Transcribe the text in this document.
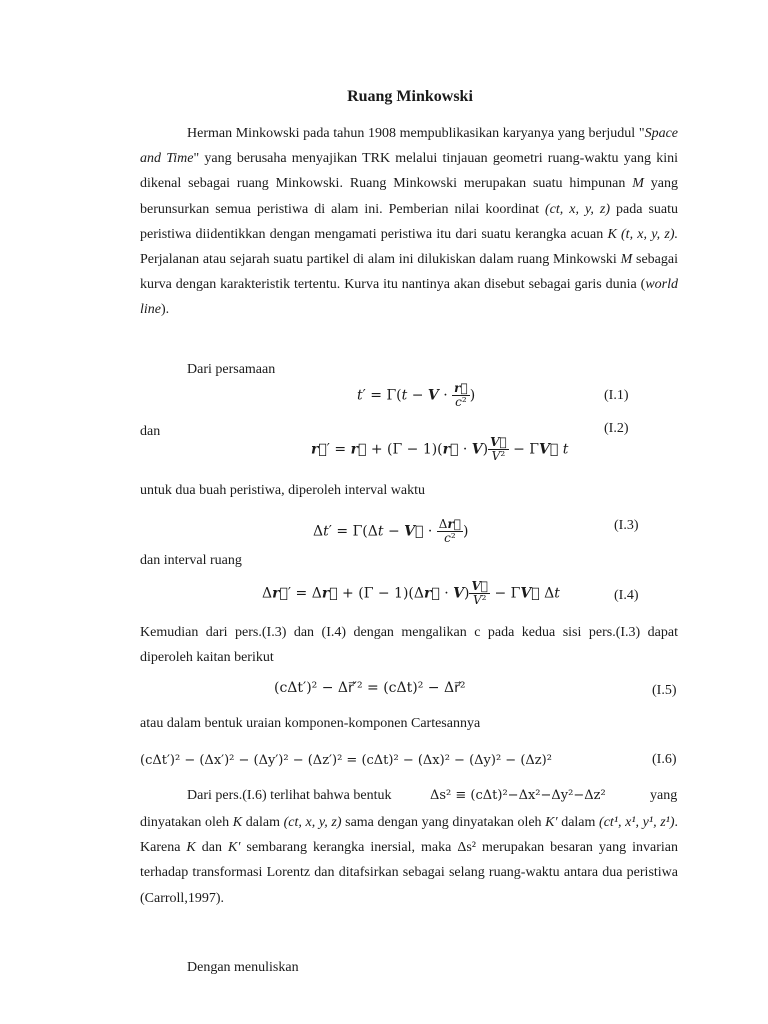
Ruang Minkowski

Herman Minkowski pada tahun 1908 mempublikasikan karyanya yang berjudul "Space and Time" yang berusaha menyajikan TRK melalui tinjauan geometri ruang-waktu yang kini dikenal sebagai ruang Minkowski. Ruang Minkowski merupakan suatu himpunan M yang berunsurkan semua peristiwa di alam ini. Pemberian nilai koordinat (ct, x, y, z) pada suatu peristiwa diidentikkan dengan mengamati peristiwa itu dari suatu kerangka acuan K (t, x, y, z). Perjalanan atau sejarah suatu partikel di alam ini dilukiskan dalam ruang Minkowski M sebagai kurva dengan karakteristik tertentu. Kurva itu nantinya akan disebut sebagai garis dunia (world line).

Dari persamaan
$t' = \Gamma(t - V \cdot \frac{r⃗}{\text{c²}}$ )	(I.1)
dan
r⃗′ = r⃗ + (Γ − 1)(r⃗ · $V) \frac{V⃗}{\text{V²}}$ − ΓV⃗ t
(I.2)
untuk dua buah peristiwa, diperoleh interval waktu
Δt′ = Γ(Δt − V⃗ · $\frac{\Delta r⃗}{\text{c²}}$ )	(I.3)
dan interval ruang
Δr⃗′ = Δr⃗ + (Γ − 1)(Δr⃗ · $V) \frac{V⃗}{\text{V²}}$ − ΓV⃗ Δt	(I.4)

Kemudian dari pers.(I.3) dan (I.4) dengan mengalikan c pada kedua sisi pers.(I.3) dapat diperoleh kaitan berikut

(cΔt′)² − Δr⃗′² = (cΔt)² − Δr⃗²	(I.5)
atau dalam bentuk uraian komponen-komponen Cartesannya
(cΔt′)² − (Δx′)² − (Δy′)² − (Δz′)² = (cΔt)² − (Δx)² − (Δy)² − (Δz)²	(I.6)
Dari pers.(I.6) terlihat bahwa bentuk	Δs² ≡ (cΔt)²−Δx²−Δy²−Δz²	yang

dinyatakan oleh K dalam (ct, x, y, z) sama dengan yang dinyatakan oleh K′ dalam (ct¹, x¹, y¹, z¹). Karena K dan K′ sembarang kerangka inersial, maka Δs² merupakan besaran yang invarian terhadap transformasi Lorentz dan ditafsirkan sebagai selang ruang-waktu antara dua peristiwa (Carroll,1997).

Dengan menuliskan
